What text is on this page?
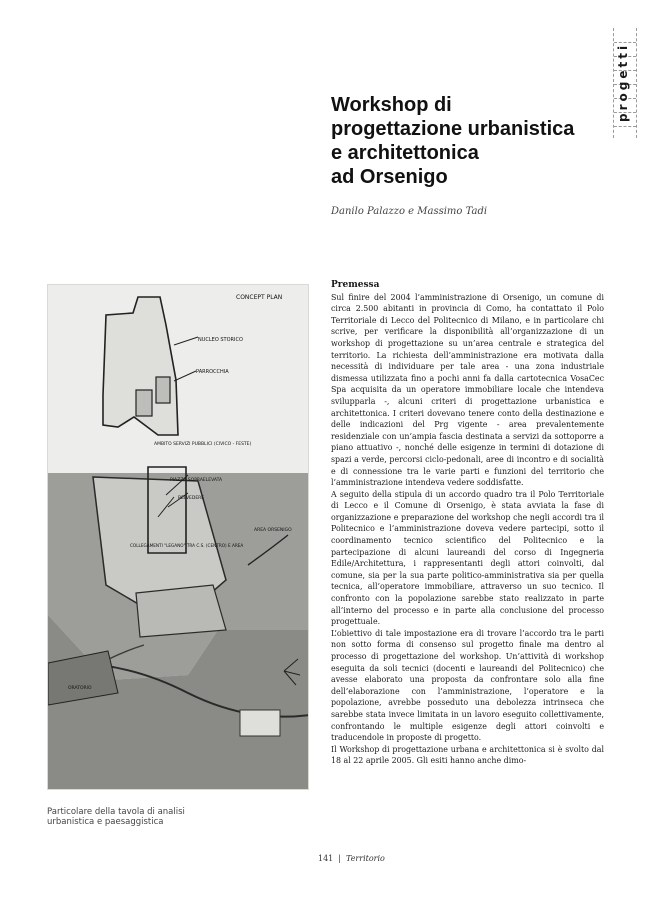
progetti
Workshop di
progettazione urbanistica
e architettonica
ad Orsenigo
Danilo Palazzo e Massimo Tadi
CONCEPT PLAN
NUCLEO STORICO
PARROCCHIA
AMBITO SERVIZI PUBBLICI (CIVICO - FESTE)
PIAZZA SOPRAELEVATA
BELVEDERE
COLLEGAMENTI "LEGANO" TRA C.S. (CENTRO) E AREA
AREA ORSENIGO
ORATORIO
Particolare della tavola di analisi
urbanistica e paesaggistica

Premessa

Sul finire del 2004 l’amministrazione di Orsenigo, un comune di circa 2.500 abitanti in provincia di Como, ha contattato il Polo Territoriale di Lecco del Politecnico di Milano, e in particolare chi scrive, per verificare la disponibilità all’organizzazione di un workshop di progettazione su un’area centrale e strategica del territorio. La richiesta dell’amministrazione era motivata dalla necessità di individuare per tale area - una zona industriale dismessa utilizzata fino a pochi anni fa dalla cartotecnica VosaCec Spa acquisita da un operatore immobiliare locale che intendeva svilupparla -, alcuni criteri di progettazione urbanistica e architettonica. I criteri dovevano tenere conto della destinazione e delle indicazioni del Prg vigente - area prevalentemente residenziale con un’ampia fascia destinata a servizi da sottoporre a piano attuativo -, nonché delle esigenze in termini di dotazione di spazi a verde, percorsi ciclo-pedonali, aree di incontro e di socialità e di connessione tra le varie parti e funzioni del territorio che l’amministrazione intendeva vedere soddisfatte.

A seguito della stipula di un accordo quadro tra il Polo Territoriale di Lecco e il Comune di Orsenigo, è stata avviata la fase di organizzazione e preparazione del workshop che negli accordi tra il Politecnico e l’amministrazione doveva vedere partecipi, sotto il coordinamento tecnico scientifico del Politecnico e la partecipazione di alcuni laureandi del corso di Ingegneria Edile/Architettura, i rappresentanti degli attori coinvolti, dal comune, sia per la sua parte politico-amministrativa sia per quella tecnica, all’operatore immobiliare, attraverso un suo tecnico. Il confronto con la popolazione sarebbe stato realizzato in parte all’interno del processo e in parte alla conclusione del processo progettuale.

L’obiettivo di tale impostazione era di trovare l’accordo tra le parti non sotto forma di consenso sul progetto finale ma dentro al processo di progettazione del workshop. Un’attività di workshop eseguita da soli tecnici (docenti e laureandi del Politecnico) che avesse elaborato una proposta da confrontare solo alla fine dell’elaborazione con l’amministrazione, l’operatore e la popolazione, avrebbe posseduto una debolezza intrinseca che sarebbe stata invece limitata in un lavoro eseguito collettivamente, confrontando le multiple esigenze degli attori coinvolti e traducendole in proposte di progetto.

Il Workshop di progettazione urbana e architettonica si è svolto dal 18 al 22 aprile 2005. Gli esiti hanno anche dimo-

141 | Territorio
